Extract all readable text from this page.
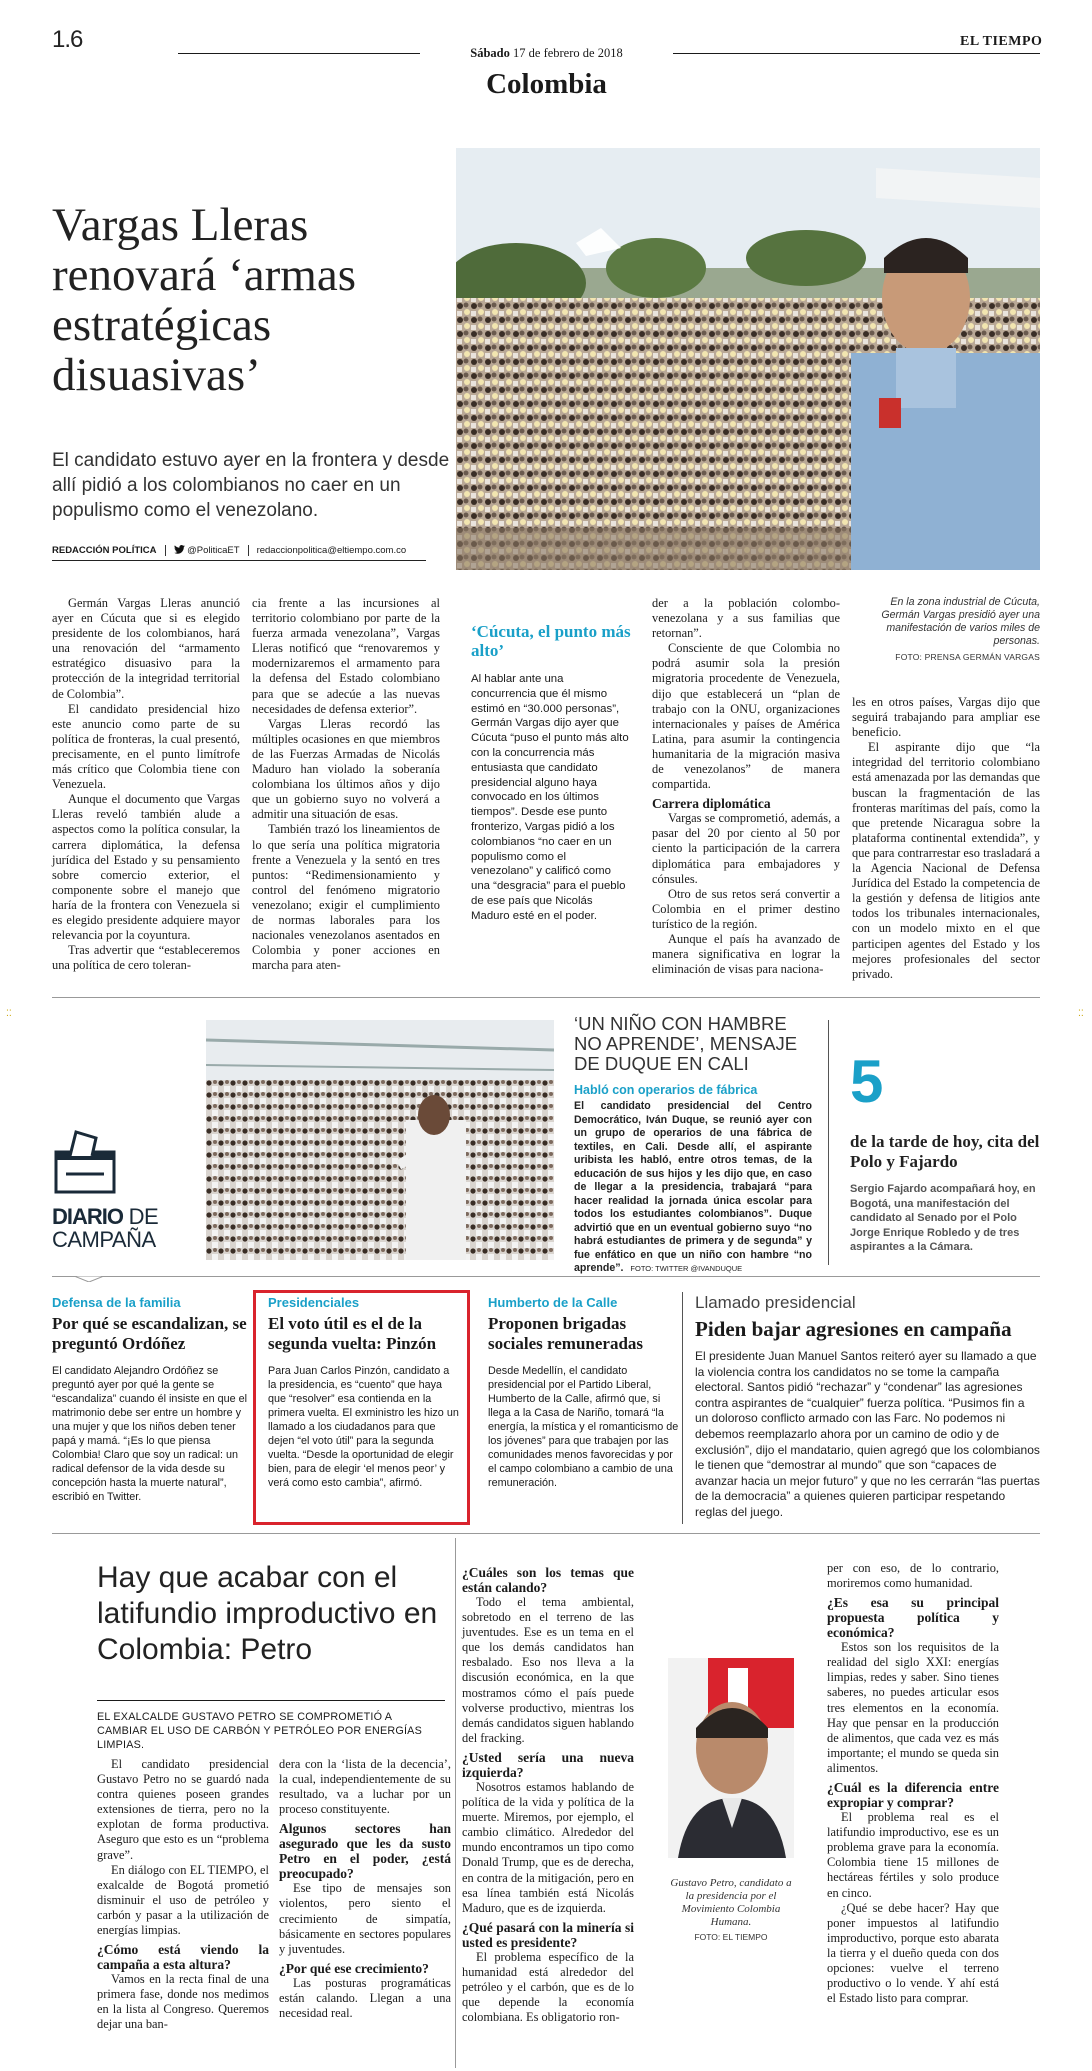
1.6	Sábado 17 de febrero de 2018
Colombia
EL TIEMPO
Vargas Lleras renovará ‘armas estratégicas disuasivas’

El candidato estuvo ayer en la frontera y desde allí pidió a los colombianos no caer en un populismo como el venezolano.

REDACCIÓN POLÍTICA	@PoliticaET	redaccionpolitica@eltiempo.com.co
En la zona industrial de Cúcuta, Germán Vargas presidió ayer una manifestación de varios miles de personas.
FOTO: PRENSA GERMÁN VARGAS

Germán Vargas Lleras anunció ayer en Cúcuta que si es elegido presidente de los colombianos, hará una renovación del “armamento estratégico disuasivo para la protección de la integridad territorial de Colombia”.

El candidato presidencial hizo este anuncio como parte de su política de fronteras, la cual presentó, precisamente, en el punto limítrofe más crítico que Colombia tiene con Venezuela.

Aunque el documento que Vargas Lleras reveló también alude a aspectos como la política consular, la carrera diplomática, la defensa jurídica del Estado y su pensamiento sobre comercio exterior, el componente sobre el manejo que haría de la frontera con Venezuela si es elegido presidente adquiere mayor relevancia por la coyuntura.

Tras advertir que “estableceremos una política de cero toleran-

cia frente a las incursiones al territorio colombiano por parte de la fuerza armada venezolana”, Vargas Lleras notificó que “renovaremos y modernizaremos el armamento para la defensa del Estado colombiano para que se adecúe a las nuevas necesidades de defensa exterior”.

Vargas Lleras recordó las múltiples ocasiones en que miembros de las Fuerzas Armadas de Nicolás Maduro han violado la soberanía colombiana los últimos años y dijo que un gobierno suyo no volverá a admitir una situación de esas.

También trazó los lineamientos de lo que sería una política migratoria frente a Venezuela y la sentó en tres puntos: “Redimensionamiento y control del fenómeno migratorio venezolano; exigir el cumplimiento de normas laborales para los nacionales venezolanos asentados en Colombia y poner acciones en marcha para aten-

‘Cúcuta, el punto más alto’
Al hablar ante una concurrencia que él mismo estimó en “30.000 personas”, Germán Vargas dijo ayer que Cúcuta “puso el punto más alto con la concurrencia más entusiasta que candidato presidencial alguno haya convocado en los últimos tiempos”. Desde ese punto fronterizo, Vargas pidió a los colombianos “no caer en un populismo como el venezolano” y calificó como una “desgracia” para el pueblo de ese país que Nicolás Maduro esté en el poder.

der a la población colombo-venezolana y a sus familias que retornan”.

Consciente de que Colombia no podrá asumir sola la presión migratoria procedente de Venezuela, dijo que establecerá un “plan de trabajo con la ONU, organizaciones internacionales y países de América Latina, para asumir la contingencia humanitaria de la migración masiva de venezolanos” de manera compartida.

Carrera diplomática

Vargas se comprometió, además, a pasar del 20 por ciento al 50 por ciento la participación de la carrera diplomática para embajadores y cónsules.

Otro de sus retos será convertir a Colombia en el primer destino turístico de la región.

Aunque el país ha avanzado de manera significativa en lograr la eliminación de visas para naciona-

les en otros países, Vargas dijo que seguirá trabajando para ampliar ese beneficio.

El aspirante dijo que “la integridad del territorio colombiano está amenazada por las demandas que buscan la fragmentación de las fronteras marítimas del país, como la que pretende Nicaragua sobre la plataforma continental extendida”, y que para contrarrestar eso trasladará a la Agencia Nacional de Defensa Jurídica del Estado la competencia de la gestión y defensa de litigios ante todos los tribunales internacionales, con un modelo mixto en el que participen agentes del Estado y los mejores profesionales del sector privado.

DIARIO DE
CAMPAÑA
‘UN NIÑO CON HAMBRE NO APRENDE’, MENSAJE DE DUQUE EN CALI
Habló con operarios de fábrica
El candidato presidencial del Centro Democrático, Iván Duque, se reunió ayer con un grupo de operarios de una fábrica de textiles, en Cali. Desde allí, el aspirante uribista les habló, entre otros temas, de la educación de sus hijos y les dijo que, en caso de llegar a la presidencia, trabajará “para hacer realidad la jornada única escolar para todos los estudiantes colombianos”. Duque advirtió que en un eventual gobierno suyo “no habrá estudiantes de primera y de segunda” y fue enfático en que un niño con hambre “no aprende”. FOTO: TWITTER @IVANDUQUE
5
de la tarde de hoy, cita del Polo y Fajardo
Sergio Fajardo acompañará hoy, en Bogotá, una manifestación del candidato al Senado por el Polo Jorge Enrique Robledo y de tres aspirantes a la Cámara.
Defensa de la familia
Por qué se escandalizan, se preguntó Ordóñez
El candidato Alejandro Ordóñez se preguntó ayer por qué la gente se “escandaliza” cuando él insiste en que el matrimonio debe ser entre un hombre y una mujer y que los niños deben tener papá y mamá. “¡Es lo que piensa Colombia! Claro que soy un radical: un radical defensor de la vida desde su concepción hasta la muerte natural”, escribió en Twitter.
Presidenciales
El voto útil es el de la segunda vuelta: Pinzón
Para Juan Carlos Pinzón, candidato a la presidencia, es “cuento” que haya que “resolver” esa contienda en la primera vuelta. El exministro les hizo un llamado a los ciudadanos para que dejen “el voto útil” para la segunda vuelta. “Desde la oportunidad de elegir bien, para de elegir ‘el menos peor’ y verá como esto cambia”, afirmó.
Humberto de la Calle
Proponen brigadas sociales remuneradas
Desde Medellín, el candidato presidencial por el Partido Liberal, Humberto de la Calle, afirmó que, si llega a la Casa de Nariño, tomará “la energía, la mística y el romanticismo de los jóvenes” para que trabajen por las comunidades menos favorecidas y por el campo colombiano a cambio de una remuneración.
Llamado presidencial
Piden bajar agresiones en campaña
El presidente Juan Manuel Santos reiteró ayer su llamado a que la violencia contra los candidatos no se tome la campaña electoral. Santos pidió “rechazar” y “condenar” las agresiones contra aspirantes de “cualquier” fuerza política. “Pusimos fin a un doloroso conflicto armado con las Farc. No podemos ni debemos reemplazarlo ahora por un camino de odio y de exclusión”, dijo el mandatario, quien agregó que los colombianos le tienen que “demostrar al mundo” que son “capaces de avanzar hacia un mejor futuro” y que no les cerrarán “las puertas de la democracia” a quienes quieren participar respetando reglas del juego.
Hay que acabar con el latifundio improductivo en Colombia: Petro
EL EXALCALDE GUSTAVO PETRO SE COMPROMETIÓ A CAMBIAR EL USO DE CARBÓN Y PETRÓLEO POR ENERGÍAS LIMPIAS.

El candidato presidencial Gustavo Petro no se guardó nada contra quienes poseen grandes extensiones de tierra, pero no la explotan de forma productiva. Aseguro que esto es un “problema grave”.

En diálogo con EL TIEMPO, el exalcalde de Bogotá prometió disminuir el uso de petróleo y carbón y pasar a la utilización de energías limpias.

¿Cómo está viendo la campaña a esta altura?

Vamos en la recta final de una primera fase, donde nos medimos en la lista al Congreso. Queremos dejar una ban-

dera con la ‘lista de la decencia’, la cual, independientemente de su resultado, va a luchar por un proceso constituyente.

Algunos sectores han asegurado que les da susto Petro en el poder, ¿está preocupado?

Ese tipo de mensajes son violentos, pero siento el crecimiento de simpatía, básicamente en sectores populares y juventudes.

¿Por qué ese crecimiento?

Las posturas programáticas están calando. Llegan a una necesidad real.

¿Cuáles son los temas que están calando?

Todo el tema ambiental, sobretodo en el terreno de las juventudes. Ese es un tema en el que los demás candidatos han resbalado. Eso nos lleva a la discusión económica, en la que mostramos cómo el país puede volverse productivo, mientras los demás candidatos siguen hablando del fracking.

¿Usted sería una nueva izquierda?

Nosotros estamos hablando de política de la vida y política de la muerte. Miremos, por ejemplo, el cambio climático. Alrededor del mundo encontramos un tipo como Donald Trump, que es de derecha, en contra de la mitigación, pero en esa línea también está Nicolás Maduro, que es de izquierda.

¿Qué pasará con la minería si usted es presidente?

El problema específico de la humanidad está alrededor del petróleo y el carbón, que es de lo que depende la economía colombiana. Es obligatorio ron-

Gustavo Petro, candidato a la presidencia por el Movimiento Colombia Humana.
FOTO: EL TIEMPO

per con eso, de lo contrario, moriremos como humanidad.

¿Es esa su principal propuesta política y económica?

Estos son los requisitos de la realidad del siglo XXI: energías limpias, redes y saber. Sino tienes saberes, no puedes articular esos tres elementos en la economía. Hay que pensar en la producción de alimentos, que cada vez es más importante; el mundo se queda sin alimentos.

¿Cuál es la diferencia entre expropiar y comprar?

El problema real es el latifundio improductivo, ese es un problema grave para la economía. Colombia tiene 15 millones de hectáreas fértiles y solo produce en cinco.

¿Qué se debe hacer? Hay que poner impuestos al latifundio improductivo, porque esto abarata la tierra y el dueño queda con dos opciones: vuelve el terreno productivo o lo vende. Y ahí está el Estado listo para comprar.

⁚⁚	⁚⁚
